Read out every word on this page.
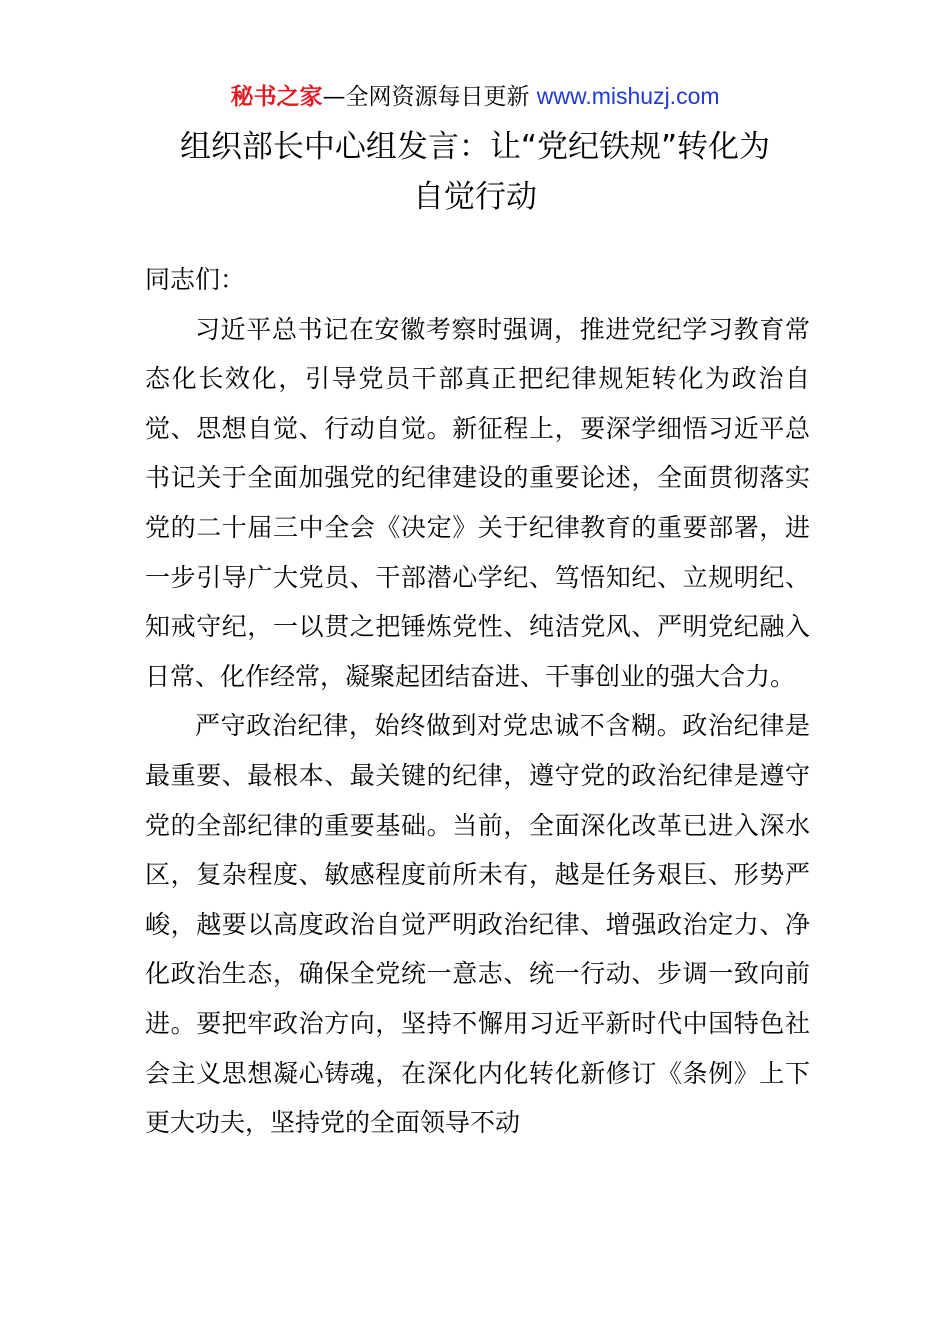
秘书之家—全网资源每日更新 www.mishuzj.com
组织部长中心组发言：让“党纪铁规”转化为
自觉行动

同志们：

习近平总书记在安徽考察时强调，推进党纪学习教育常态化长效化，引导党员干部真正把纪律规矩转化为政治自觉、思想自觉、行动自觉。新征程上，要深学细悟习近平总书记关于全面加强党的纪律建设的重要论述，全面贯彻落实党的二十届三中全会《决定》关于纪律教育的重要部署，进一步引导广大党员、干部潜心学纪、笃悟知纪、立规明纪、知戒守纪，一以贯之把锤炼党性、纯洁党风、严明党纪融入日常、化作经常，凝聚起团结奋进、干事创业的强大合力。

严守政治纪律，始终做到对党忠诚不含糊。政治纪律是最重要、最根本、最关键的纪律，遵守党的政治纪律是遵守党的全部纪律的重要基础。当前，全面深化改革已进入深水区，复杂程度、敏感程度前所未有，越是任务艰巨、形势严峻，越要以高度政治自觉严明政治纪律、增强政治定力、净化政治生态，确保全党统一意志、统一行动、步调一致向前进。要把牢政治方向，坚持不懈用习近平新时代中国特色社会主义思想凝心铸魂，在深化内化转化新修订《条例》上下更大功夫，坚持党的全面领导不动
